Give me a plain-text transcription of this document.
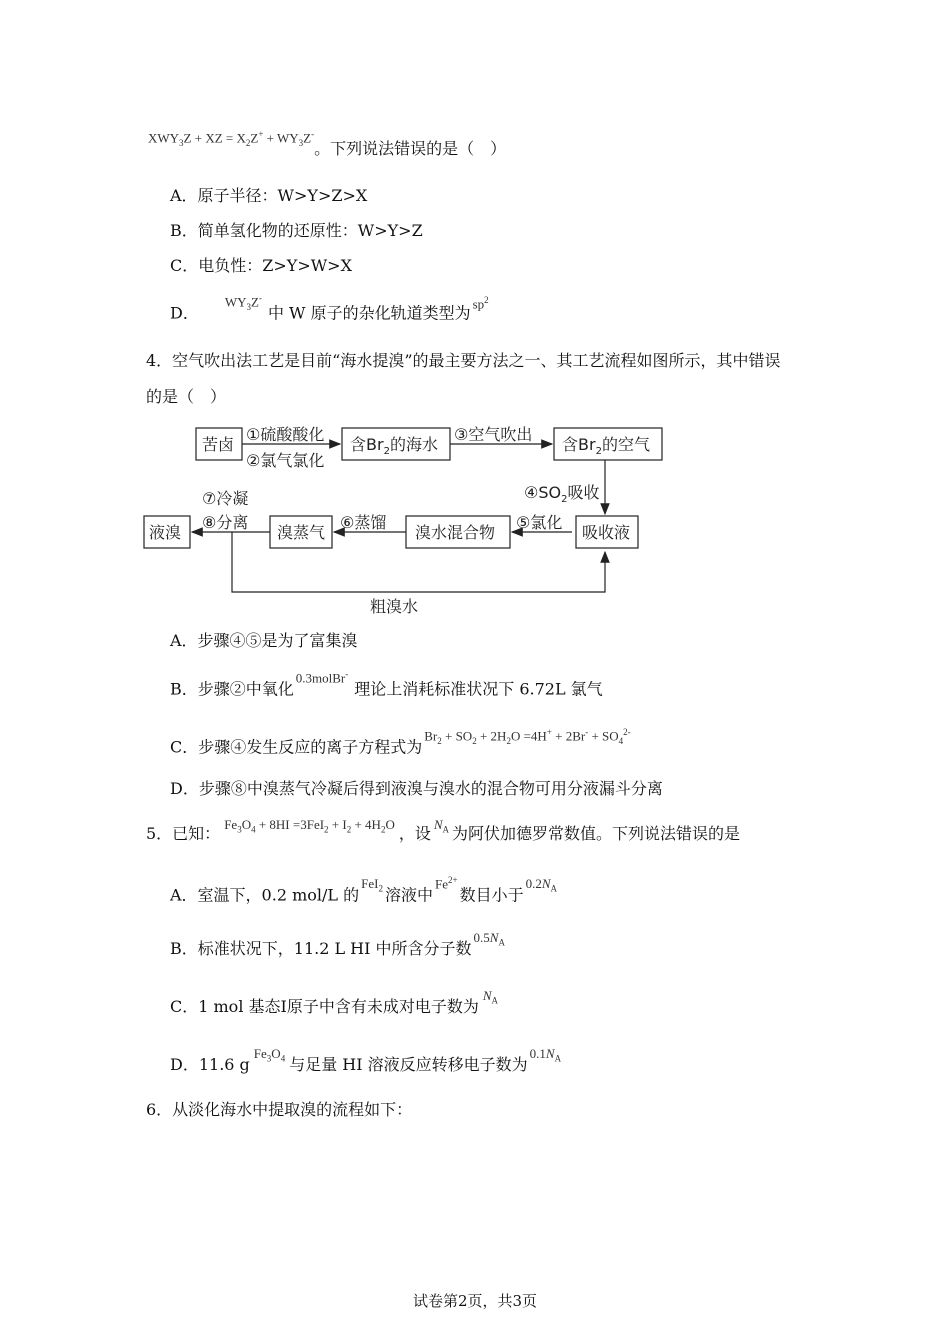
$XWY_3Z$ + XZ = $X_2Z^+ + WY_3Z^-$。下列说法错误的是（　）
A．原子半径：W>Y>Z>X
B．简单氢化物的还原性：W>Y>Z
C．电负性：Z>Y>W>X
D．$WY_3Z^-$中 W 原子的杂化轨道类型为 $sp^2$
4．空气吹出法工艺是目前“海水提溴”的最主要方法之一、其工艺流程如图所示，其中错误
的是（　）
苦卤	含$Br_2$的海水
①硫酸酸化
②氯气氯化
③空气吹出
液溴	溴蒸气	溴水混合物
⑤氯化
⑥蒸馏
⑦冷凝
⑧分离
粗溴水
含$Br_2$的空气
吸收液
$④SO_2$吸收
A．步骤④⑤是为了富集溴
B．步骤②中氧化0.3molBr-理论上消耗标准状况下 6.72L 氯气
C．步骤④发生反应的离子方程式为$Br_2 + SO_2 + 2H_2O =4H^+ + 2Br^- + SO_4^{2-}$
D．步骤⑧中溴蒸气冷凝后得到液溴与溴水的混合物可用分液漏斗分离
5．已知： $Fe_3O_4 + 8HI =3FeI_2 + I_2 + 4H_2O$ ，设 $N_A$ 为阿伏加德罗常数值。下列说法错误的是
A．室温下，0.2 mol/L 的FeI$_2$ 溶液中$Fe^{2+}$数目小于$0.2N_A$
B．标准状况下，11.2 L HI 中所含分子数$0.5N_A$
C．1 mol 基态I原子中含有未成对电子数为$N_A$
D．11.6 $gFe_3O_4$ 与足量 HI 溶液反应转移电子数为$0.1N_A$
6．从淡化海水中提取溴的流程如下：
试卷第2页，共3页
